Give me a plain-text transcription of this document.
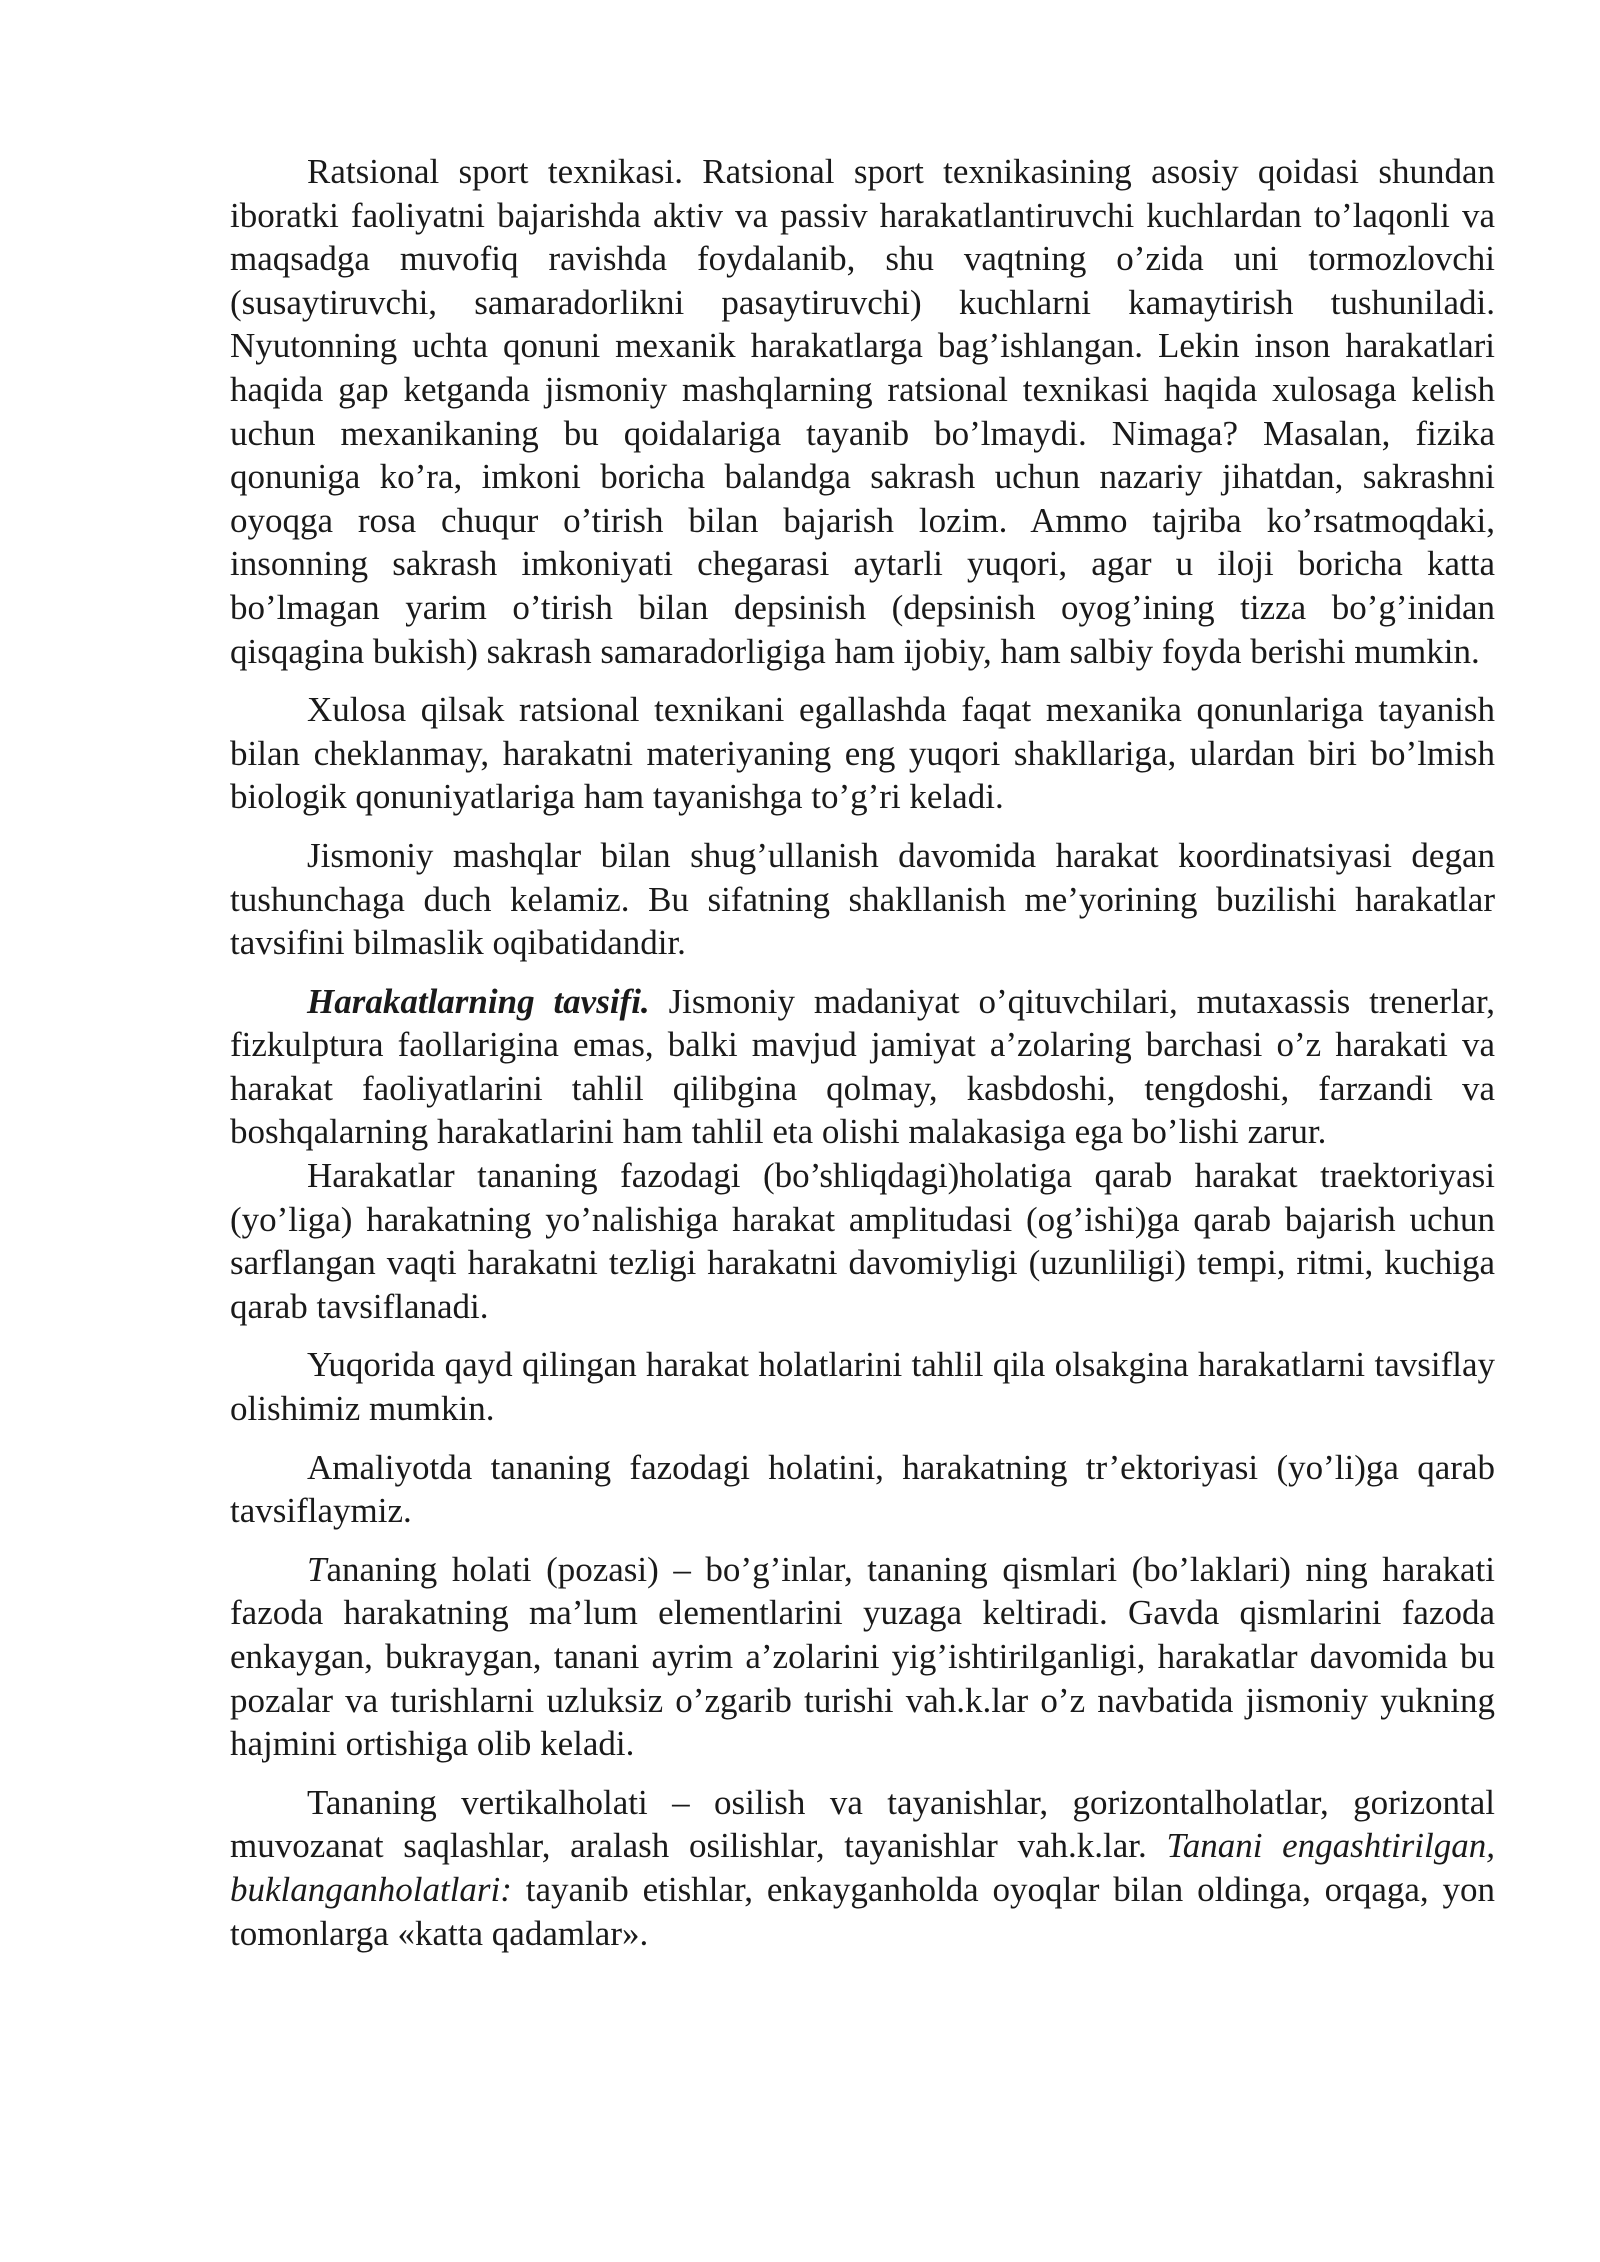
Ratsional sport texnikasi. Ratsional sport texnikasining asosiy qoidasi shundan iboratki faoliyatni bajarishda aktiv va passiv harakatlantiruvchi kuchlardan to’laqonli va maqsadga muvofiq ravishda foydalanib, shu vaqtning o’zida uni tormozlovchi (susaytiruvchi, samaradorlikni pasaytiruvchi) kuchlarni kamaytirish tushuniladi. Nyutonning uchta qonuni mexanik harakatlarga bag’ishlangan. Lekin inson harakatlari haqida gap ketganda jismoniy mashqlarning ratsional texnikasi haqida xulosaga kelish uchun mexanikaning bu qoidalariga tayanib bo’lmaydi. Nimaga? Masalan, fizika qonuniga ko’ra, imkoni boricha balandga sakrash uchun nazariy jihatdan, sakrashni oyoqga rosa chuqur o’tirish bilan bajarish lozim. Ammo tajriba ko’rsatmoqdaki, insonning sakrash imkoniyati chegarasi aytarli yuqori, agar u iloji boricha katta bo’lmagan yarim o’tirish bilan depsinish (depsinish oyog’ining tizza bo’g’inidan qisqagina bukish) sakrash samaradorligiga ham ijobiy, ham salbiy foyda berishi mumkin.

Xulosa qilsak ratsional texnikani egallashda faqat mexanika qonunlariga tayanish bilan cheklanmay, harakatni materiyaning eng yuqori shakllariga, ulardan biri bo’lmish biologik qonuniyatlariga ham tayanishga to’g’ri keladi.

Jismoniy mashqlar bilan shug’ullanish davomida harakat koordinatsiyasi degan tushunchaga duch kelamiz. Bu sifatning shakllanish me’yorining buzilishi harakatlar tavsifini bilmaslik oqibatidandir.

Harakatlarning tavsifi. Jismoniy madaniyat o’qituvchilari, mutaxassis trenerlar, fizkulptura faollarigina emas, balki mavjud jamiyat a’zolaring barchasi o’z harakati va harakat faoliyatlarini tahlil qilibgina qolmay, kasbdoshi, tengdoshi, farzandi va boshqalarning harakatlarini ham tahlil eta olishi malakasiga ega bo’lishi zarur.

Harakatlar tananing fazodagi (bo’shliqdagi)holatiga qarab harakat traektoriyasi (yo’liga) harakatning yo’nalishiga harakat amplitudasi (og’ishi)ga qarab bajarish uchun sarflangan vaqti harakatni tezligi harakatni davomiyligi (uzunliligi) tempi, ritmi, kuchiga qarab tavsiflanadi.

Yuqorida qayd qilingan harakat holatlarini tahlil qila olsakgina harakatlarni tavsiflay olishimiz mumkin.

Amaliyotda tananing fazodagi holatini, harakatning tr’ektoriyasi (yo’li)ga qarab tavsiflaymiz.

Tananing holati (pozasi) – bo’g’inlar, tananing qismlari (bo’laklari) ning harakati fazoda harakatning ma’lum elementlarini yuzaga keltiradi. Gavda qismlarini fazoda enkaygan, bukraygan, tanani ayrim a’zolarini yig’ishtirilganligi, harakatlar davomida bu pozalar va turishlarni uzluksiz o’zgarib turishi vah.k.lar o’z navbatida jismoniy yukning hajmini ortishiga olib keladi.

Tananing vertikalholati – osilish va tayanishlar, gorizontalholatlar, gorizontal muvozanat saqlashlar, aralash osilishlar, tayanishlar vah.k.lar. Tanani engashtirilgan, buklanganholatlari: tayanib etishlar, enkayganholda oyoqlar bilan oldinga, orqaga, yon tomonlarga «katta qadamlar».
